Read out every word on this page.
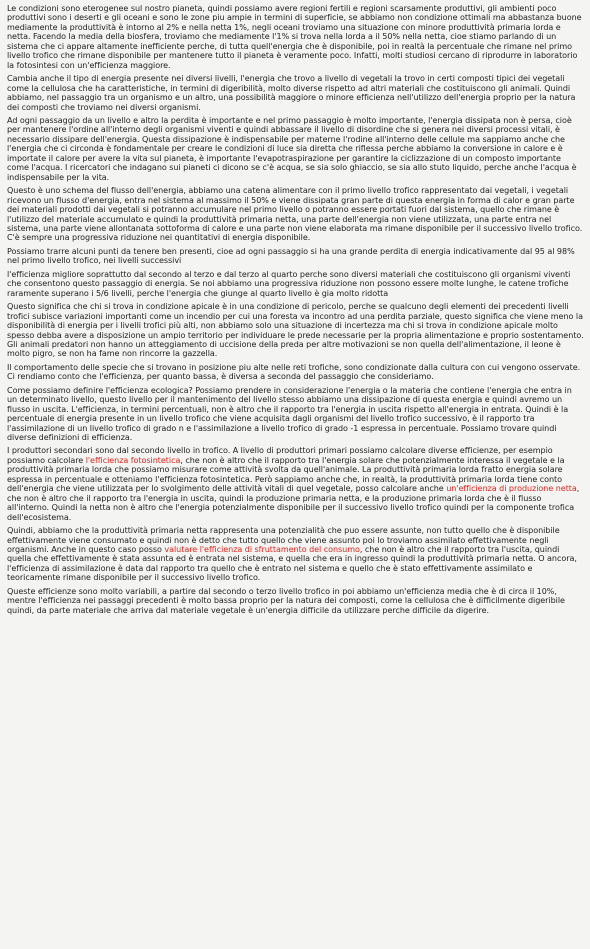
Le condizioni sono eterogenee sul nostro pianeta, quindi possiamo avere regioni fertili e regioni scarsamente produttivi, gli ambienti poco produttivi sono i deserti e gli oceani e sono le zone piu ampie in termini di superficie, se abbiamo non condizione ottimali ma abbastanza buone mediamente la produttività è intorno al 2% e nella netta 1%, negli oceani troviamo una situazione con minore produttività primaria lorda e netta. Facendo la media della biosfera, troviamo che mediamente l'1% si trova nella lorda a il 50% nella netta, cioe stiamo parlando di un sistema che ci appare altamente inefficiente perche, di tutta quell'energia che è disponibile, poi in realtà la percentuale che rimane nel primo livello trofico che rimane disponibile per mantenere tutto il pianeta è veramente poco. Infatti, molti studiosi cercano di riprodurre in laboratorio la fotosintesi con un'efficienza maggiore.

Cambia anche il tipo di energia presente nei diversi livelli, l'energia che trovo a livello di vegetali la trovo in certi composti tipici dei vegetali come la cellulosa che ha caratteristiche, in termini di digeribilità, molto diverse rispetto ad altri materiali che costituiscono gli animali. Quindi abbiamo, nel passaggio tra un organismo e un altro, una possibilità maggiore o minore efficienza nell'utilizzo dell'energia proprio per la natura dei composti che troviamo nei diversi organismi.

Ad ogni passaggio da un livello e altro la perdita è importante e nel primo passaggio è molto importante, l'energia dissipata non è persa, cioè per mantenere l'ordine all'interno degli organismi viventi e quindi abbassare il livello di disordine che si genera nei diversi processi vitali, è necessario dissipare dell'energia. Questa dissipazione è indispensabile per materne l'rodine all'interno delle cellule ma sappiamo anche che l'energia che ci circonda è fondamentale per creare le condizioni di luce sia diretta che riflessa perche abbiamo la conversione in calore e è importate il calore per avere la vita sul pianeta, è importante l'evapotraspirazione per garantire la ciclizzazione di un composto importante come l'acqua. I ricercatori che indagano sui pianeti ci dicono se c'è acqua, se sia solo ghiaccio, se sia allo stuto liquido, perche anche l'acqua è indispensabile per la vita.

Questo è uno schema del flusso dell'energia, abbiamo una catena alimentare con il primo livello trofico rappresentato dai vegetali, i vegetali ricevono un flusso d'energia, entra nel sistema al massimo il 50% e viene dissipata gran parte di questa energia in forma di calor e gran parte dei materiali prodotti dai vegetali si potranno accumulare nel primo livello o potranno essere portati fuori dal sistema, quello che rimane è l'utilizzo del materiale accumulato e quindi la produttività primaria netta, una parte dell'energia non viene utilizzata, una parte entra nel sistema, una parte viene allontanata sottoforma di calore e una parte non viene elaborata ma rimane disponibile per il successivo livello trofico. C'è sempre una progressiva riduzione nei quantitativi di energia disponibile.

Possiamo trarre alcuni punti da tenere ben presenti, cioe ad ogni passaggio si ha una grande perdita di energia indicativamente dal 95 al 98% nel primo livello trofico, nei livelli successivi

l'efficienza migliore soprattutto dal secondo al terzo e dal terzo al quarto perche sono diversi materiali che costituiscono gli organismi viventi che consentono questo passaggio di energia. Se noi abbiamo una progressiva riduzione non possono essere molte lunghe, le catene trofiche raramente superano i 5/6 livelli, perche l'energia che giunge al quarto livello è gia molto ridotta

Questo significa che chi si trova in condizione apicale è in una condizione di pericolo, perche se qualcuno degli elementi dei precedenti livelli trofici subisce variazioni importanti come un incendio per cui una foresta va incontro ad una perdita parziale, questo significa che viene meno la disponibilità di energia per i livelli trofici più alti, non abbiamo solo una situazione di incertezza ma chi si trova in condizione apicale molto spesso debba avere a disposizione un ampio territorio per individuare le prede necessarie per la propria alimentazione e proprio sostentamento. Gli animali predatori non hanno un atteggiamento di uccisione della preda per altre motivazioni se non quella dell'alimentazione, il leone è molto pigro, se non ha fame non rincorre la gazzella.

Il comportamento delle specie che si trovano in posizione piu alte nelle reti trofiche, sono condizionate dalla cultura con cui vengono osservate. Ci rendiamo conto che l'efficienza, per quanto bassa, è diversa a seconda del passaggio che consideriamo.

Come possiamo definire l'efficienza ecologica? Possiamo prendere in considerazione l'energia o la materia che contiene l'energia che entra in un determinato livello, questo livello per il mantenimento del livello stesso abbiamo una dissipazione di questa energia e quindi avremo un flusso in uscita. L'efficienza, in termini percentuali, non è altro che il rapporto tra l'energia in uscita rispetto all'energia in entrata. Quindi è la percentuale di energia presente in un livello trofico che viene acquisita dagli organismi del livello trofico successivo, è il rapporto tra l'assimilazione di un livello trofico di grado n e l'assimilazione a livello trofico di grado -1 espressa in percentuale. Possiamo trovare quindi diverse definizioni di efficienza.

I produttori secondari sono dal secondo livello in trofico. A livello di produttori primari possiamo calcolare diverse efficienze, per esempio possiamo calcolare l'efficienza fotosintetica, che non è altro che il rapporto tra l'energia solare che potenzialmente interessa il vegetale e la produttività primaria lorda che possiamo misurare come attività svolta da quell'animale. La produttività primaria lorda fratto energia solare espressa in percentuale e otteniamo l'efficienza fotosintetica. Però sappiamo anche che, in realtà, la produttività primaria lorda tiene conto dell'energia che viene utilizzata per lo svolgimento delle attività vitali di quel vegetale, posso calcolare anche un'efficienza di produzione netta, che non è altro che il rapporto tra l'energia in uscita, quindi la produzione primaria netta, e la produzione primaria lorda che è il flusso all'interno. Quindi la netta non è altro che l'energia potenzialmente disponibile per il successivo livello trofico quindi per la componente trofica dell'ecosistema.

Quindi, abbiamo che la produttività primaria netta rappresenta una potenzialità che puo essere assunte, non tutto quello che è disponibile effettivamente viene consumato e quindi non è detto che tutto quello che viene assunto poi lo troviamo assimilato effettivamente negli organismi. Anche in questo caso posso valutare l'efficienza di sfruttamento del consumo, che non è altro che il rapporto tra l'uscita, quindi quella che effettivamente è stata assunta ed è entrata nel sistema, e quella che era in ingresso quindi la produttività primaria netta. O ancora, l'efficienza di assimilazione è data dal rapporto tra quello che è entrato nel sistema e quello che è stato effettivamente assimilato e teoricamente rimane disponibile per il successivo livello trofico.

Queste efficienze sono molto variabili, a partire dal secondo o terzo livello trofico in poi abbiamo un'efficienza media che è di circa il 10%, mentre l'efficienza nei passaggi precedenti è molto bassa proprio per la natura dei composti, come la cellulosa che è difficilmente digeribile quindi, da parte materiale che arriva dal materiale vegetale è un'energia difficile da utilizzare perche difficile da digerire.
